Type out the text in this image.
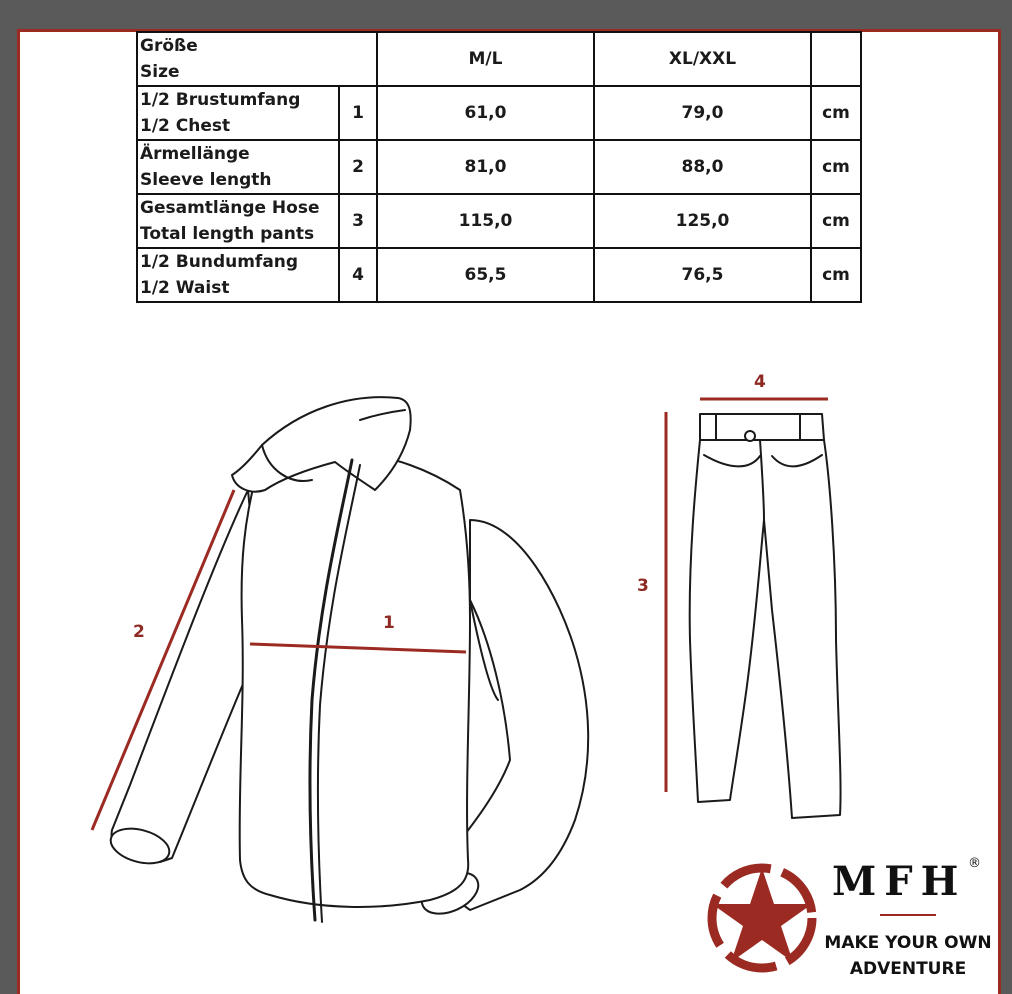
Größe
Size		M/L	XL/XXL	

1/2 Brustumfang
1/2 Chest	1	61,0	79,0	cm

Ärmellänge
Sleeve length	2	81,0	88,0	cm

Gesamtlänge Hose
Total length pants	3	115,0	125,0	cm

1/2 Bundumfang
1/2 Waist	4	65,5	76,5	cm
1
2
3
4
MFH ®
MAKE YOUR OWN
ADVENTURE
